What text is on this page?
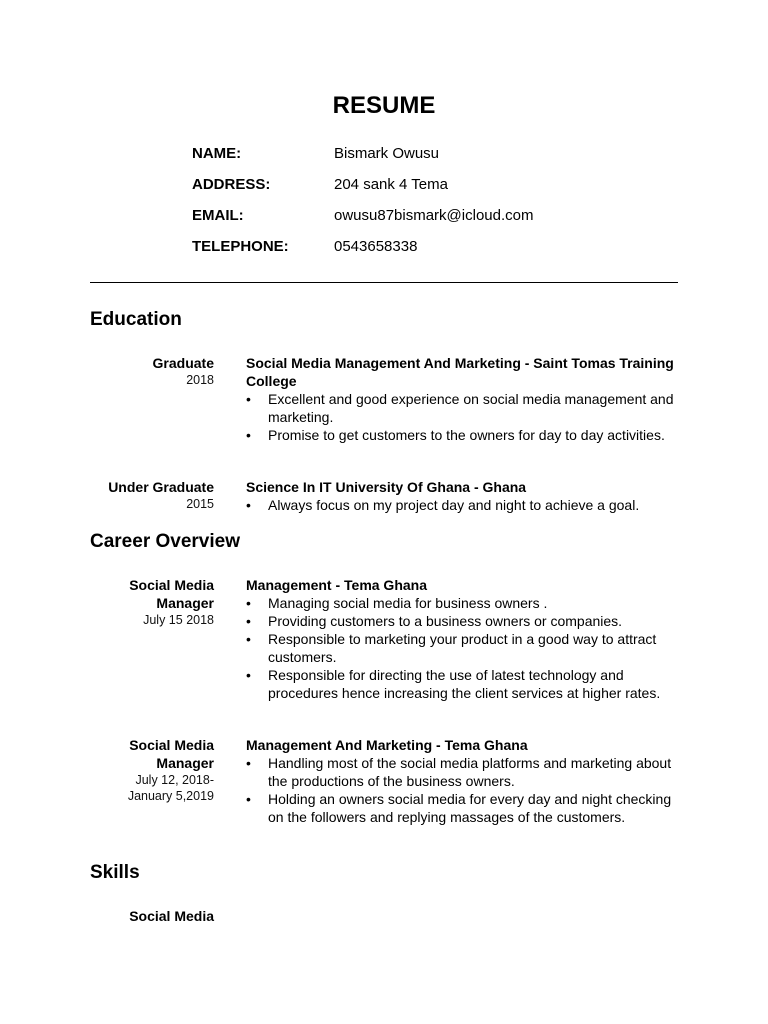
RESUME
NAME:	Bismark Owusu
ADDRESS:	204 sank 4 Tema
EMAIL:	owusu87bismark@icloud.com
TELEPHONE:	0543658338
Education
Graduate
2018
Social Media Management And Marketing - Saint Tomas Training College
• Excellent and good experience on social media management and marketing.
• Promise to get customers to the owners for day to day activities.
Under Graduate
2015
Science In IT University Of Ghana - Ghana
• Always focus on my project day and night to achieve a goal.
Career Overview
Social Media Manager
July 15 2018
Management - Tema Ghana
• Managing social media for business owners .
• Providing customers to a business owners or companies.
• Responsible to marketing your product in a good way to attract customers.
• Responsible for directing the use of latest technology and procedures hence increasing the client services at higher rates.
Social Media Manager
July 12, 2018- January 5,2019
Management And Marketing - Tema Ghana
• Handling most of the social media platforms and marketing about the productions of the business owners.
• Holding an owners social media for every day and night checking on the followers and replying massages of the customers.
Skills
Social Media
